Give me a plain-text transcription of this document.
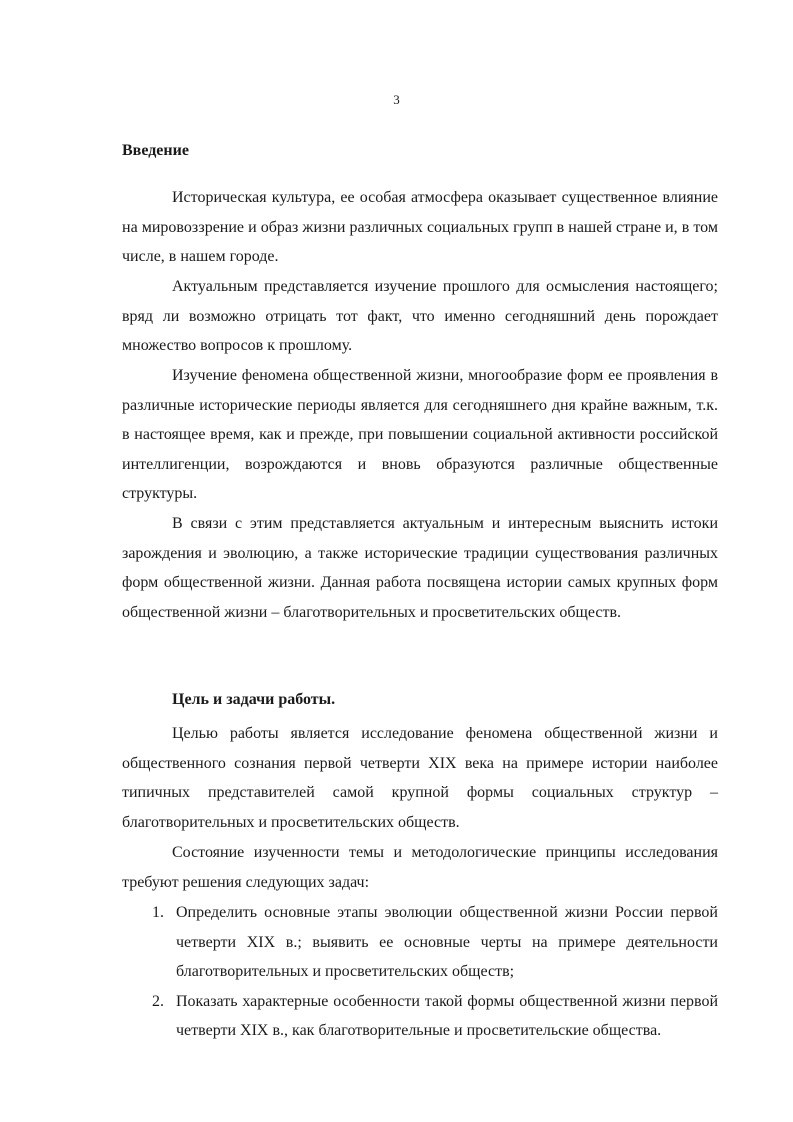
3
Введение

Историческая культура, ее особая атмосфера оказывает существенное влияние на мировоззрение и образ жизни различных социальных групп в нашей стране и, в том числе, в нашем городе.

Актуальным представляется изучение прошлого для осмысления настоящего; вряд ли возможно отрицать тот факт, что именно сегодняшний день порождает множество вопросов к прошлому.

Изучение феномена общественной жизни, многообразие форм ее проявления в различные исторические периоды является для сегодняшнего дня крайне важным, т.к. в настоящее время, как и прежде, при повышении социальной активности российской интеллигенции, возрождаются и вновь образуются различные общественные структуры.

В связи с этим представляется актуальным и интересным выяснить истоки зарождения и эволюцию, а также исторические традиции существования различных форм общественной жизни. Данная работа посвящена истории самых крупных форм общественной жизни – благотворительных и просветительских обществ.

Цель и задачи работы.

Целью работы является исследование феномена общественной жизни и общественного сознания первой четверти XIX века на примере истории наиболее типичных представителей самой крупной формы социальных структур – благотворительных и просветительских обществ.

Состояние изученности темы и методологические принципы исследования требуют решения следующих задач:

1. Определить основные этапы эволюции общественной жизни России первой четверти XIX в.; выявить ее основные черты на примере деятельности благотворительных и просветительских обществ;
2. Показать характерные особенности такой формы общественной жизни первой четверти XIX в., как благотворительные и просветительские общества.
